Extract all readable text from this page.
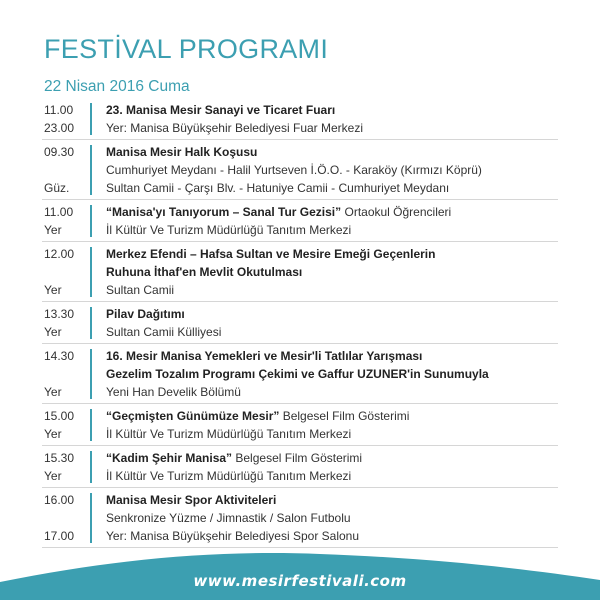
FESTİVAL PROGRAMI
22 Nisan 2016 Cuma
11.00
23.00
23. Manisa Mesir Sanayi ve Ticaret Fuarı
Yer: Manisa Büyükşehir Belediyesi Fuar Merkezi
09.30
Güz.
Manisa Mesir Halk Koşusu
Cumhuriyet Meydanı - Halil Yurtseven İ.Ö.O. - Karaköy (Kırmızı Köprü)
Sultan Camii - Çarşı Blv. - Hatuniye Camii - Cumhuriyet Meydanı
11.00
Yer
“Manisa'yı Tanıyorum – Sanal Tur Gezisi” Ortaokul Öğrencileri
İl Kültür Ve Turizm Müdürlüğü Tanıtım Merkezi
12.00
Yer
Merkez Efendi – Hafsa Sultan ve Mesire Emeği Geçenlerin
Ruhuna İthaf'en Mevlit Okutulması
Sultan Camii
13.30
Yer
Pilav Dağıtımı
Sultan Camii Külliyesi
14.30
Yer
16. Mesir Manisa Yemekleri ve Mesir'li Tatlılar Yarışması
Gezelim Tozalım Programı Çekimi ve Gaffur UZUNER'in Sunumuyla
Yeni Han Develik Bölümü
15.00
Yer
“Geçmişten Günümüze Mesir” Belgesel Film Gösterimi
İl Kültür Ve Turizm Müdürlüğü Tanıtım Merkezi
15.30
Yer
“Kadim Şehir Manisa” Belgesel Film Gösterimi
İl Kültür Ve Turizm Müdürlüğü Tanıtım Merkezi
16.00
17.00
Manisa Mesir Spor Aktiviteleri
Senkronize Yüzme / Jimnastik / Salon Futbolu
Yer: Manisa Büyükşehir Belediyesi Spor Salonu
www.mesirfestivali.com
